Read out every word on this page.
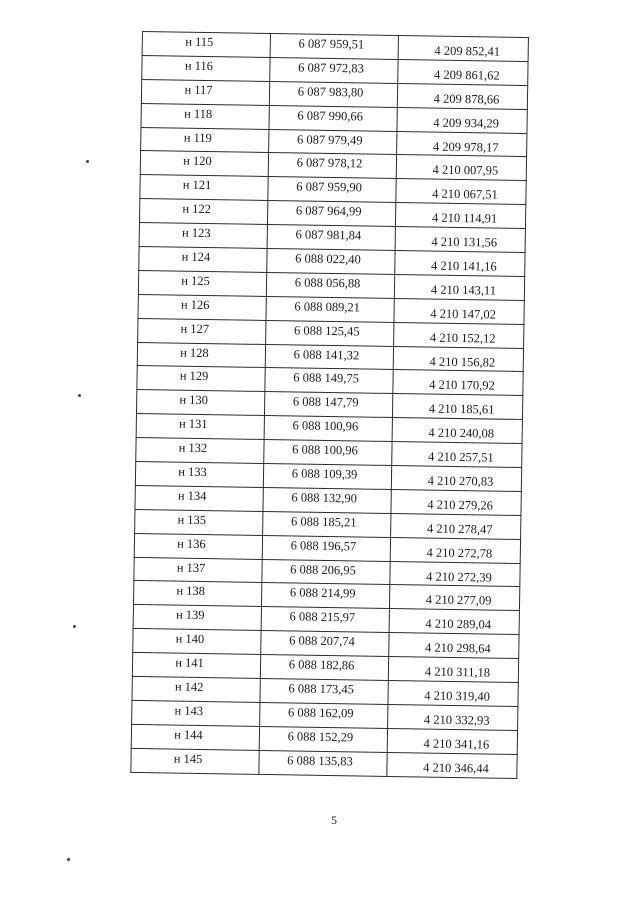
н 115	6 087 959,51	4 209 852,41
н 116	6 087 972,83	4 209 861,62
н 117	6 087 983,80	4 209 878,66
н 118	6 087 990,66	4 209 934,29
н 119	6 087 979,49	4 209 978,17
н 120	6 087 978,12	4 210 007,95
н 121	6 087 959,90	4 210 067,51
н 122	6 087 964,99	4 210 114,91
н 123	6 087 981,84	4 210 131,56
н 124	6 088 022,40	4 210 141,16
н 125	6 088 056,88	4 210 143,11
н 126	6 088 089,21	4 210 147,02
н 127	6 088 125,45	4 210 152,12
н 128	6 088 141,32	4 210 156,82
н 129	6 088 149,75	4 210 170,92
н 130	6 088 147,79	4 210 185,61
н 131	6 088 100,96	4 210 240,08
н 132	6 088 100,96	4 210 257,51
н 133	6 088 109,39	4 210 270,83
н 134	6 088 132,90	4 210 279,26
н 135	6 088 185,21	4 210 278,47
н 136	6 088 196,57	4 210 272,78
н 137	6 088 206,95	4 210 272,39
н 138	6 088 214,99	4 210 277,09
н 139	6 088 215,97	4 210 289,04
н 140	6 088 207,74	4 210 298,64
н 141	6 088 182,86	4 210 311,18
н 142	6 088 173,45	4 210 319,40
н 143	6 088 162,09	4 210 332,93
н 144	6 088 152,29	4 210 341,16
н 145	6 088 135,83	4 210 346,44
5
